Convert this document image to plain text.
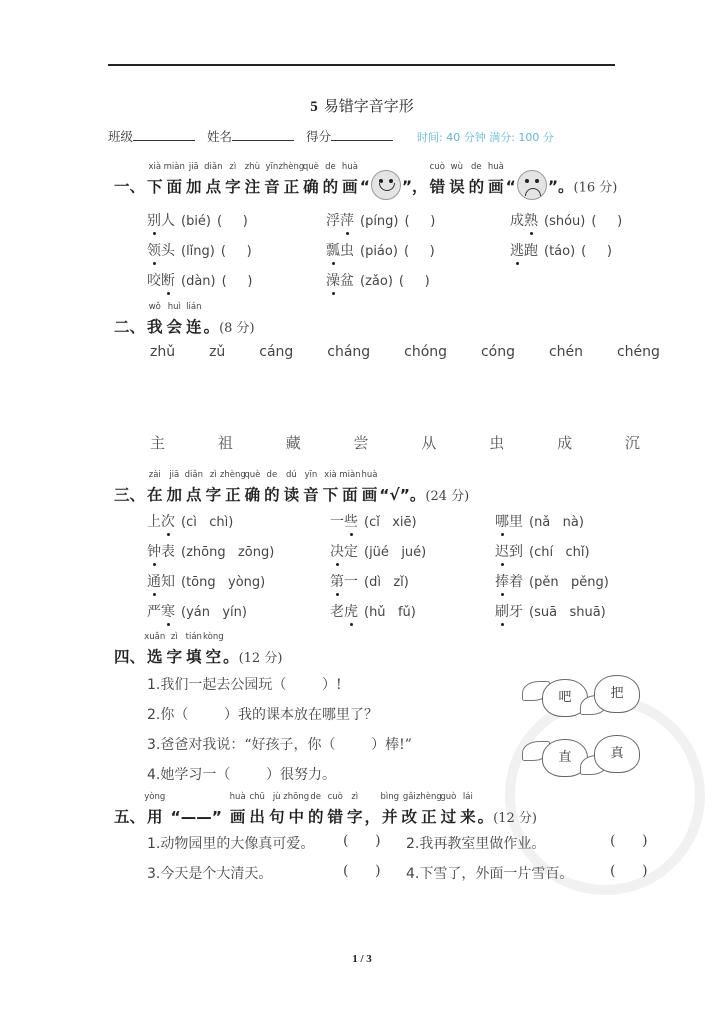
5 易错字音字形
班级	姓名	得分	时间: 40 分钟 满分: 100 分
一、
xià
下
miàn
面
jiā
加
diǎn
点
zì
字
zhù
注
yīn
音
zhèng
正
què
确
de
的
huà
画 “ ”，
cuò
错
wù
误
de
的
huà
画 “ ”。(16 分)
别人 (bié) (     )	浮萍 (píng) (     )	成熟 (shóu) (     )
领头 (lǐng) (     )	瓢虫 (piáo) (     )	逃跑 (táo) (     )
咬断 (dàn) (     )	澡盆 (zǎo) (     )
二、
wǒ
我
huì
会
lián
连 。(8 分)
zhǔ zǔ cáng cháng chóng cóng chén chéng
主	祖	藏	尝	从	虫	成	沉
三、
zài
在
jiā
加
diǎn
点
zì
字
zhèng
正
què
确
de
的
dú
读
yīn
音
xià
下
miàn
面
huà
画 “√”。(24 分)
上次 (cì   chì)	一些 (cǐ   xiē)	哪里 (nǎ   nà)
钟表 (zhōng   zōng)	决定 (jüé   jué)	迟到 (chí   chǐ)
通知 (tōng   yòng)	第一 (dì   zǐ)	捧着 (pěn   pěng)
严寒 (yán   yín)	老虎 (hǔ   fǔ)	刷牙 (suā   shuā)
四、
xuǎn
选
zì
字
tián
填
kòng
空 。(12 分)
1.我们一起去公园玩（        ）!
2.你（        ）我的课本放在哪里了？
3.爸爸对我说：“好孩子，你（        ）棒!”
4.她学习一（        ）很努力。
吧	把
直	真
五、
yòng
用 “——”
huà
画
chū
出
jù
句
zhōng
中
de
的
cuò
错
zì
字 ，
bìng
并
gǎi
改
zhèng
正
guò
过
lái
来 。(12 分)
1.动物园里的大像真可爱。 (      ) 2.我再教室里做作业。	(      )
3.今天是个大清天。	(      ) 4.下雪了，外面一片雪百。	(      )
1 / 3
